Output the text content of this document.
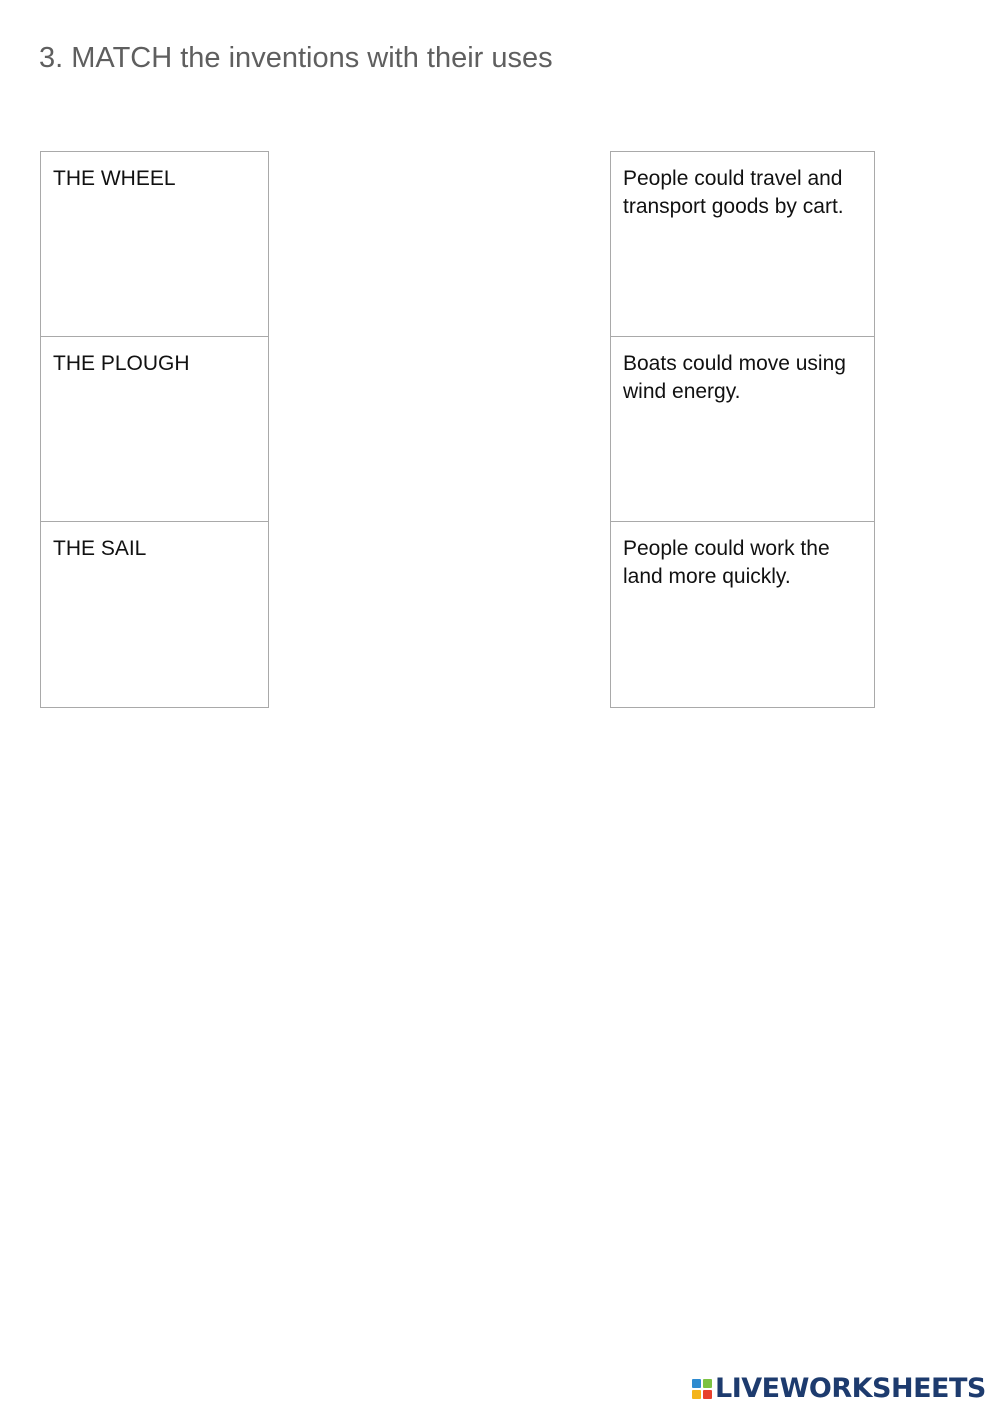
3. MATCH the inventions with their uses
THE WHEEL
THE PLOUGH
THE SAIL
People could travel and transport goods by cart.
Boats could move using wind energy.
People could work the land more quickly.
LIVEWORKSHEETS
